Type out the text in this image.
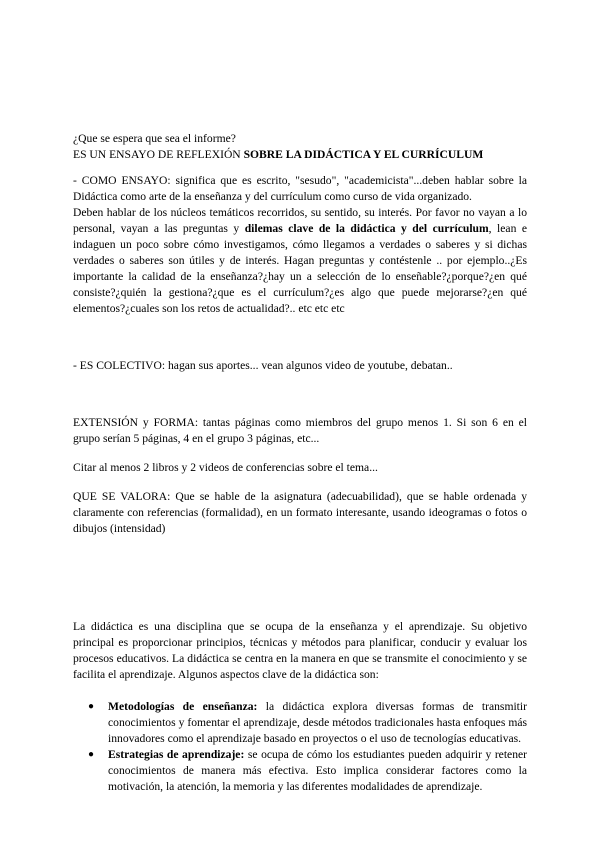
¿Que se espera que sea el informe?

ES UN ENSAYO DE REFLEXIÓN SOBRE LA DIDÁCTICA Y EL CURRÍCULUM

- COMO ENSAYO: significa que es escrito, "sesudo", "academicista"...deben hablar sobre la Didáctica como arte de la enseñanza y del currículum como curso de vida organizado.

Deben hablar de los núcleos temáticos recorridos, su sentido, su interés. Por favor no vayan a lo personal, vayan a las preguntas y dilemas clave de la didáctica y del currículum, lean e indaguen un poco sobre cómo investigamos, cómo llegamos a verdades o saberes y si dichas verdades o saberes son útiles y de interés. Hagan preguntas y contéstenle .. por ejemplo..¿Es importante la calidad de la enseñanza?¿hay un a selección de lo enseñable?¿porque?¿en qué consiste?¿quién la gestiona?¿que es el currículum?¿es algo que puede mejorarse?¿en qué elementos?¿cuales son los retos de actualidad?.. etc etc etc

- ES COLECTIVO: hagan sus aportes... vean algunos video de youtube, debatan..

EXTENSIÓN y FORMA: tantas páginas como miembros del grupo menos 1. Si son 6 en el grupo serían 5 páginas, 4 en el grupo 3 páginas, etc...

Citar al menos 2 libros y 2 videos de conferencias sobre el tema...

QUE SE VALORA: Que se hable de la asignatura (adecuabilidad), que se hable ordenada y claramente con referencias (formalidad), en un formato interesante, usando ideogramas o fotos o dibujos (intensidad)

La didáctica es una disciplina que se ocupa de la enseñanza y el aprendizaje. Su objetivo principal es proporcionar principios, técnicas y métodos para planificar, conducir y evaluar los procesos educativos. La didáctica se centra en la manera en que se transmite el conocimiento y se facilita el aprendizaje. Algunos aspectos clave de la didáctica son:

● Metodologías de enseñanza: la didáctica explora diversas formas de transmitir conocimientos y fomentar el aprendizaje, desde métodos tradicionales hasta enfoques más innovadores como el aprendizaje basado en proyectos o el uso de tecnologías educativas.
● Estrategias de aprendizaje: se ocupa de cómo los estudiantes pueden adquirir y retener conocimientos de manera más efectiva. Esto implica considerar factores como la motivación, la atención, la memoria y las diferentes modalidades de aprendizaje.
